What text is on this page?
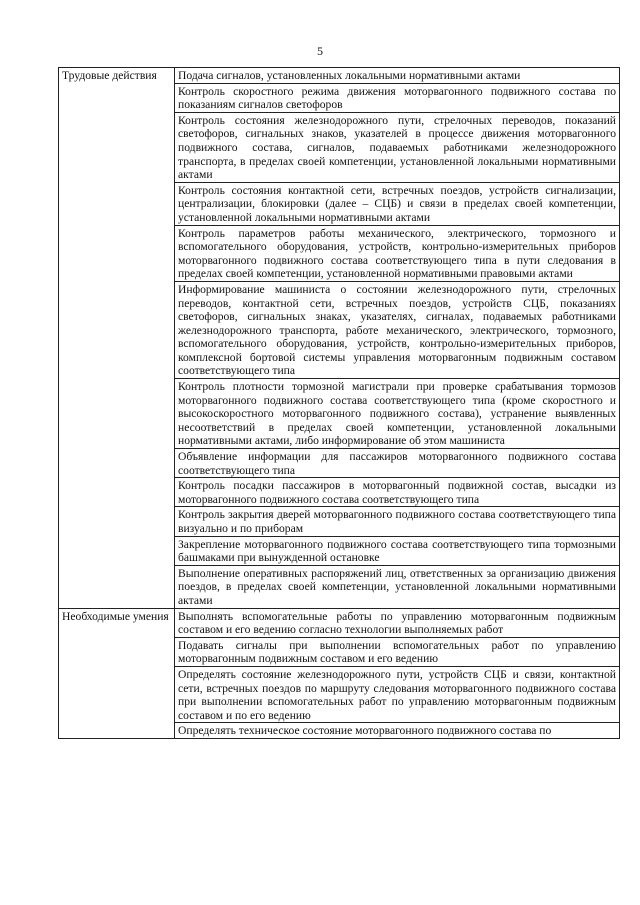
5
Трудовые действия	Подача сигналов, установленных локальными нормативными актами
	Контроль скоростного режима движения моторвагонного подвижного состава по показаниям сигналов светофоров
	Контроль состояния железнодорожного пути, стрелочных переводов, показаний светофоров, сигнальных знаков, указателей в процессе движения моторвагонного подвижного состава, сигналов, подаваемых работниками железнодорожного транспорта, в пределах своей компетенции, установленной локальными нормативными актами
	Контроль состояния контактной сети, встречных поездов, устройств сигнализации, централизации, блокировки (далее – СЦБ) и связи в пределах своей компетенции, установленной локальными нормативными актами
	Контроль параметров работы механического, электрического, тормозного и вспомогательного оборудования, устройств, контрольно-измерительных приборов моторвагонного подвижного состава соответствующего типа в пути следования в пределах своей компетенции, установленной нормативными правовыми актами
	Информирование машиниста о состоянии железнодорожного пути, стрелочных переводов, контактной сети, встречных поездов, устройств СЦБ, показаниях светофоров, сигнальных знаках, указателях, сигналах, подаваемых работниками железнодорожного транспорта, работе механического, электрического, тормозного, вспомогательного оборудования, устройств, контрольно-измерительных приборов, комплексной бортовой системы управления моторвагонным подвижным составом соответствующего типа
	Контроль плотности тормозной магистрали при проверке срабатывания тормозов моторвагонного подвижного состава соответствующего типа (кроме скоростного и высокоскоростного моторвагонного подвижного состава), устранение выявленных несоответствий в пределах своей компетенции, установленной локальными нормативными актами, либо информирование об этом машиниста
	Объявление информации для пассажиров моторвагонного подвижного состава соответствующего типа
	Контроль посадки пассажиров в моторвагонный подвижной состав, высадки из моторвагонного подвижного состава соответствующего типа
	Контроль закрытия дверей моторвагонного подвижного состава соответствующего типа визуально и по приборам
	Закрепление моторвагонного подвижного состава соответствующего типа тормозными башмаками при вынужденной остановке
	Выполнение оперативных распоряжений лиц, ответственных за организацию движения поездов, в пределах своей компетенции, установленной локальными нормативными актами
Необходимые умения	Выполнять вспомогательные работы по управлению моторвагонным подвижным составом и его ведению согласно технологии выполняемых работ
	Подавать сигналы при выполнении вспомогательных работ по управлению моторвагонным подвижным составом и его ведению
	Определять состояние железнодорожного пути, устройств СЦБ и связи, контактной сети, встречных поездов по маршруту следования моторвагонного подвижного состава при выполнении вспомогательных работ по управлению моторвагонным подвижным составом и по его ведению
	Определять техническое состояние моторвагонного подвижного состава по
